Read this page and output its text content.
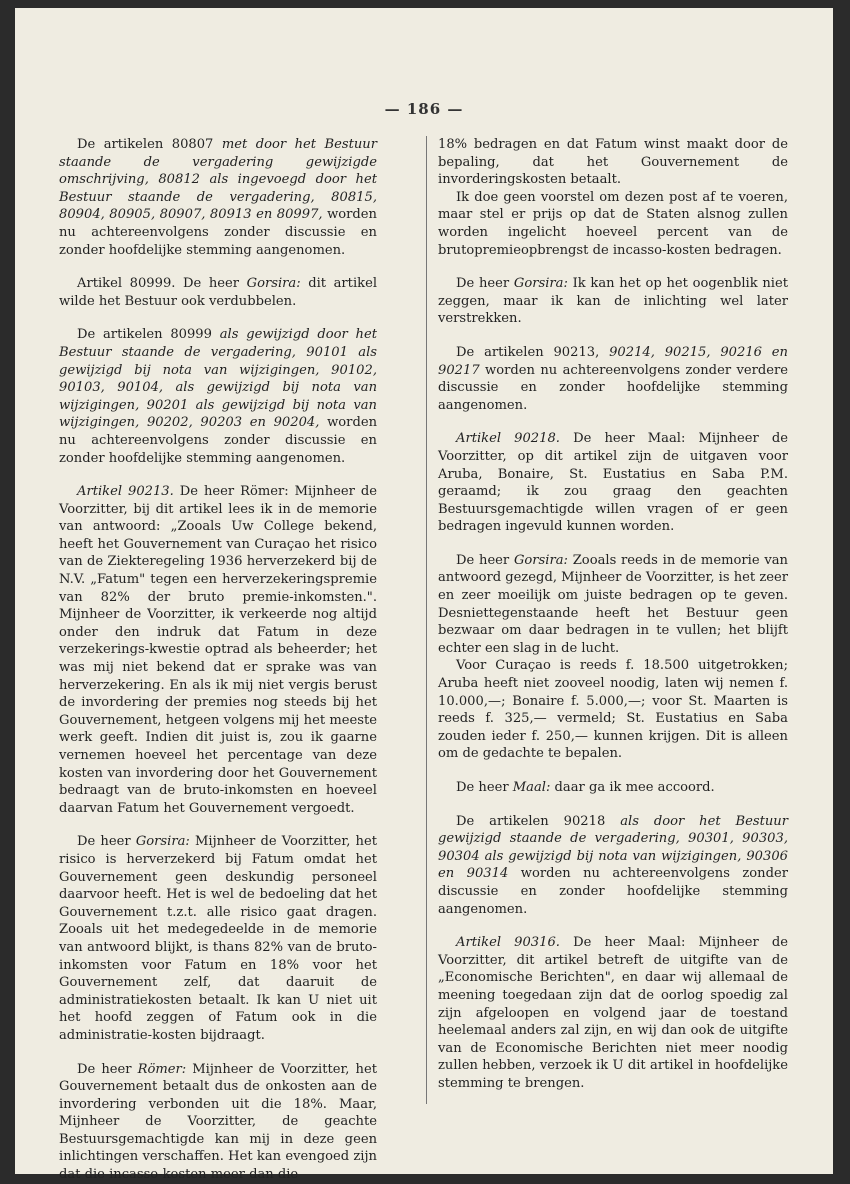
— 186 —

De artikelen 80807 met door het Bestuur staande de vergadering gewijzigde omschrijving, 80812 als ingevoegd door het Bestuur staande de vergadering, 80815, 80904, 80905, 80907, 80913 en 80997, worden nu achtereenvolgens zonder discussie en zonder hoofdelijke stemming aangenomen.

Artikel 80999. De heer Gorsira: dit artikel wilde het Bestuur ook verdubbelen.

De artikelen 80999 als gewijzigd door het Bestuur staande de vergadering, 90101 als gewijzigd bij nota van wijzigingen, 90102, 90103, 90104, als gewijzigd bij nota van wijzigingen, 90201 als gewijzigd bij nota van wijzigingen, 90202, 90203 en 90204, worden nu achtereenvolgens zonder discussie en zonder hoofdelijke stemming aangenomen.

Artikel 90213. De heer Römer: Mijnheer de Voorzitter, bij dit artikel lees ik in de memorie van antwoord: „Zooals Uw College bekend, heeft het Gouvernement van Curaçao het risico van de Ziekteregeling 1936 herverzekerd bij de N.V. „Fatum" tegen een herverzekeringspremie van 82% der bruto premie-inkomsten.". Mijnheer de Voorzitter, ik verkeerde nog altijd onder den indruk dat Fatum in deze verzekerings-kwestie optrad als beheerder; het was mij niet bekend dat er sprake was van herverzekering. En als ik mij niet vergis berust de invordering der premies nog steeds bij het Gouvernement, hetgeen volgens mij het meeste werk geeft. Indien dit juist is, zou ik gaarne vernemen hoeveel het percentage van deze kosten van invordering door het Gouvernement bedraagt van de bruto-inkomsten en hoeveel daarvan Fatum het Gouvernement vergoedt.

De heer Gorsira: Mijnheer de Voorzitter, het risico is herverzekerd bij Fatum omdat het Gouvernement geen deskundig personeel daarvoor heeft. Het is wel de bedoeling dat het Gouvernement t.z.t. alle risico gaat dragen. Zooals uit het medegedeelde in de memorie van antwoord blijkt, is thans 82% van de bruto-inkomsten voor Fatum en 18% voor het Gouvernement zelf, dat daaruit de administratiekosten betaalt. Ik kan U niet uit het hoofd zeggen of Fatum ook in die administratie-kosten bijdraagt.

De heer Römer: Mijnheer de Voorzitter, het Gouvernement betaalt dus de onkosten aan de invordering verbonden uit die 18%. Maar, Mijnheer de Voorzitter, de geachte Bestuursgemachtigde kan mij in deze geen inlichtingen verschaffen. Het kan evengoed zijn dat die incasso-kosten meer dan die

18% bedragen en dat Fatum winst maakt door de bepaling, dat het Gouvernement de invorderingskosten betaalt.

Ik doe geen voorstel om dezen post af te voeren, maar stel er prijs op dat de Staten alsnog zullen worden ingelicht hoeveel percent van de brutopremieopbrengst de incasso-kosten bedragen.

De heer Gorsira: Ik kan het op het oogenblik niet zeggen, maar ik kan de inlichting wel later verstrekken.

De artikelen 90213, 90214, 90215, 90216 en 90217 worden nu achtereenvolgens zonder verdere discussie en zonder hoofdelijke stemming aangenomen.

Artikel 90218. De heer Maal: Mijnheer de Voorzitter, op dit artikel zijn de uitgaven voor Aruba, Bonaire, St. Eustatius en Saba P.M. geraamd; ik zou graag den geachten Bestuursgemachtigde willen vragen of er geen bedragen ingevuld kunnen worden.

De heer Gorsira: Zooals reeds in de memorie van antwoord gezegd, Mijnheer de Voorzitter, is het zeer en zeer moeilijk om juiste bedragen op te geven. Desniettegenstaande heeft het Bestuur geen bezwaar om daar bedragen in te vullen; het blijft echter een slag in de lucht.

Voor Curaçao is reeds f. 18.500 uitgetrokken; Aruba heeft niet zooveel noodig, laten wij nemen f. 10.000,—; Bonaire f. 5.000,—; voor St. Maarten is reeds f. 325,— vermeld; St. Eustatius en Saba zouden ieder f. 250,— kunnen krijgen. Dit is alleen om de gedachte te bepalen.

De heer Maal: daar ga ik mee accoord.

De artikelen 90218 als door het Bestuur gewijzigd staande de vergadering, 90301, 90303, 90304 als gewijzigd bij nota van wijzigingen, 90306 en 90314 worden nu achtereenvolgens zonder discussie en zonder hoofdelijke stemming aangenomen.

Artikel 90316. De heer Maal: Mijnheer de Voorzitter, dit artikel betreft de uitgifte van de „Economische Berichten", en daar wij allemaal de meening toegedaan zijn dat de oorlog spoedig zal zijn afgeloopen en volgend jaar de toestand heelemaal anders zal zijn, en wij dan ook de uitgifte van de Economische Berichten niet meer noodig zullen hebben, verzoek ik U dit artikel in hoofdelijke stemming te brengen.
